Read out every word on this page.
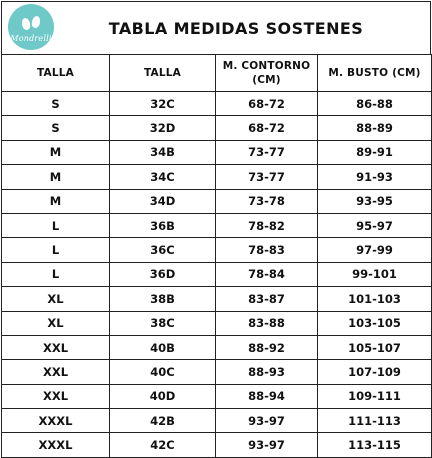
Mondrelli
TABLA MEDIDAS SOSTENES
TALLA	TALLA	M. CONTORNO (CM)	M. BUSTO (CM)
S	32C	68-72	86-88
S	32D	68-72	88-89
M	34B	73-77	89-91
M	34C	73-77	91-93
M	34D	73-78	93-95
L	36B	78-82	95-97
L	36C	78-83	97-99
L	36D	78-84	99-101
XL	38B	83-87	101-103
XL	38C	83-88	103-105
XXL	40B	88-92	105-107
XXL	40C	88-93	107-109
XXL	40D	88-94	109-111
XXXL	42B	93-97	111-113
XXXL	42C	93-97	113-115
